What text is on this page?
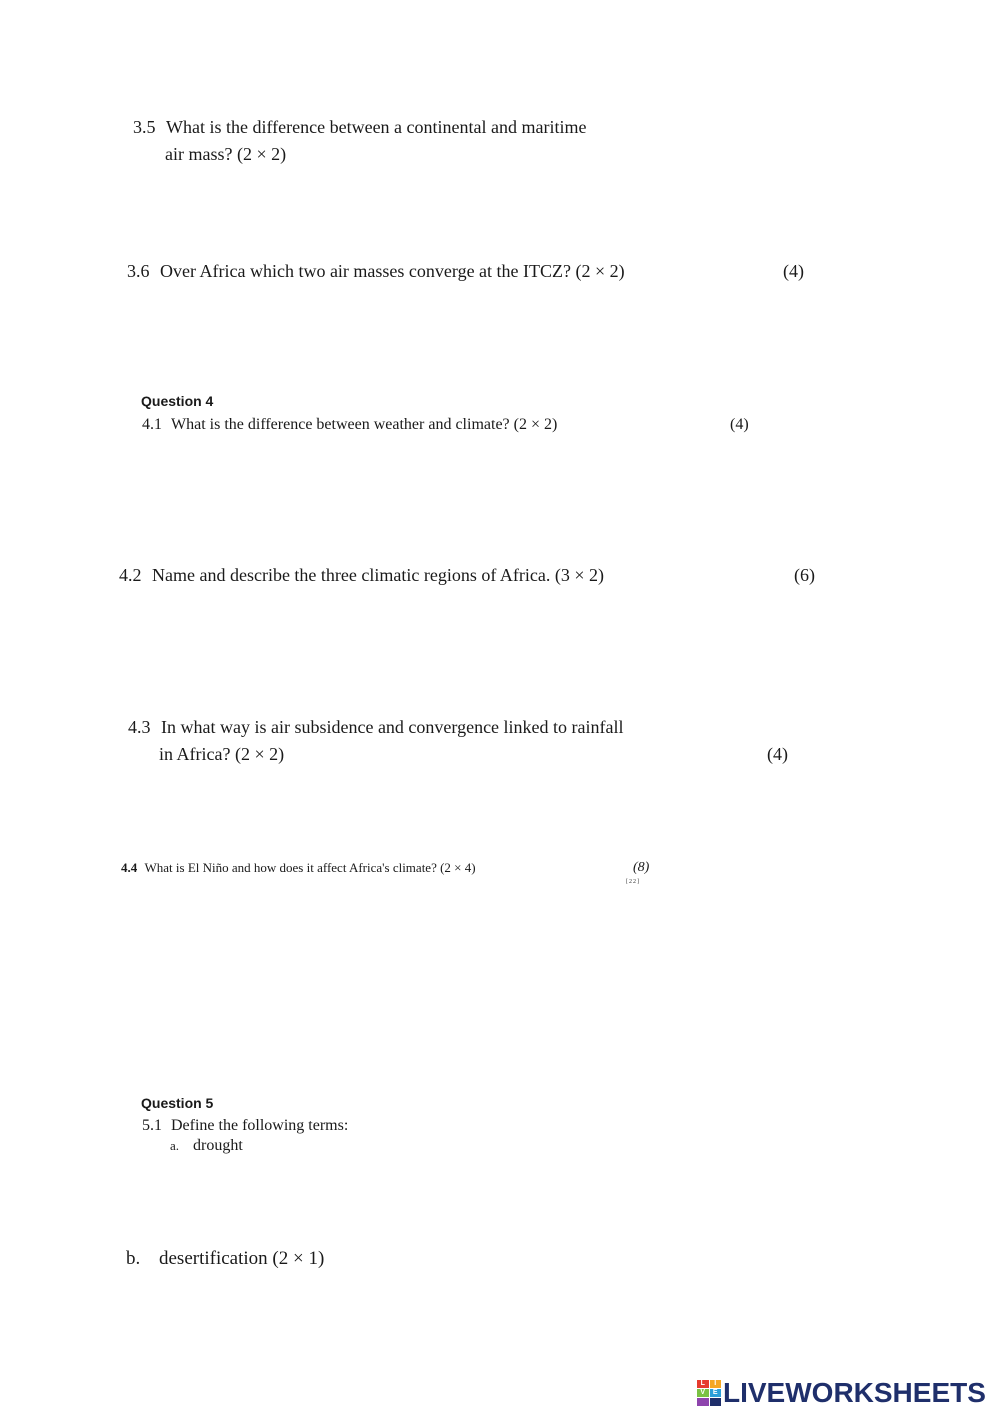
3.5 What is the difference between a continental and maritime
air mass? (2 × 2)
3.6 Over Africa which two air masses converge at the ITCZ? (2 × 2)	(4)
Question 4
4.1 What is the difference between weather and climate? (2 × 2)	(4)
4.2 Name and describe the three climatic regions of Africa. (3 × 2)	(6)
4.3 In what way is air subsidence and convergence linked to rainfall
in Africa? (2 × 2)	(4)
4.4 What is El Niño and how does it affect Africa's climate? (2 × 4)	(8)
[22]
Question 5
5.1 Define the following terms:
a. drought
b. desertification (2 × 1)
L	I
V	E LIVEWORKSHEETS
